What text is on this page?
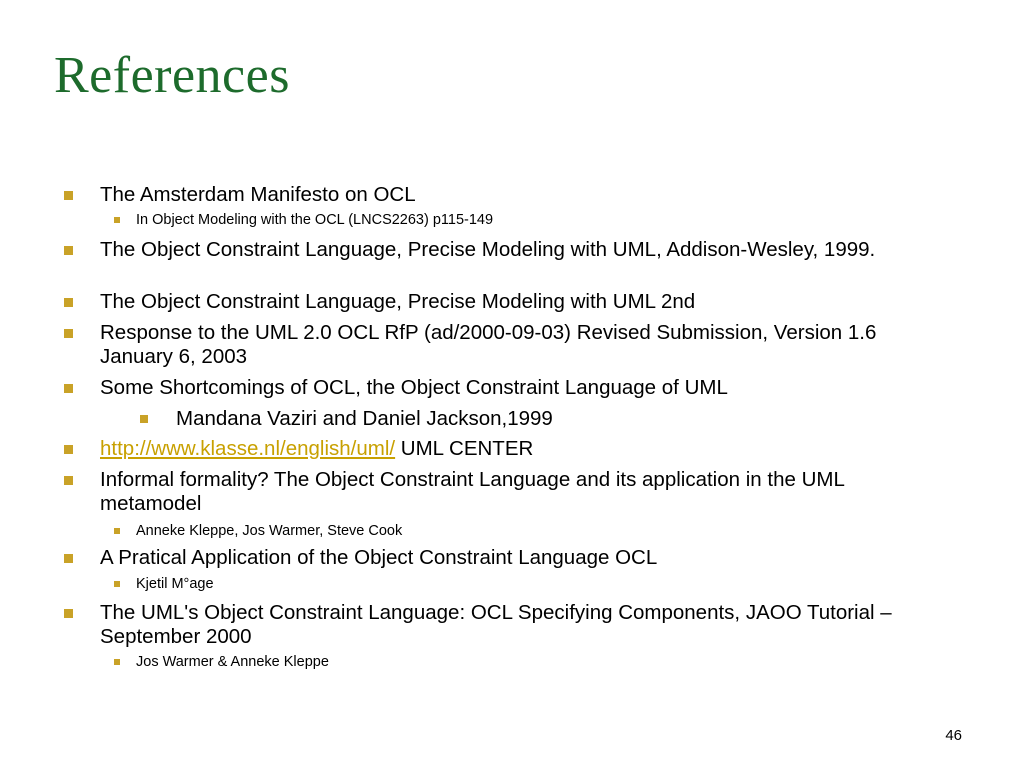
References
The Amsterdam Manifesto on OCL
In Object Modeling with the OCL (LNCS2263) p115-149
The Object Constraint Language, Precise Modeling with UML, Addison-Wesley, 1999.
The Object Constraint Language, Precise Modeling with UML 2nd
Response to the UML 2.0 OCL RfP (ad/2000-09-03) Revised Submission, Version 1.6 January 6, 2003
Some Shortcomings of OCL, the Object Constraint Language of UML
Mandana Vaziri and Daniel Jackson,1999
http://www.klasse.nl/english/uml/ UML CENTER
Informal formality? The Object Constraint Language and its application in the UML metamodel
Anneke Kleppe, Jos Warmer, Steve Cook
A Pratical Application of the Object Constraint Language OCL
Kjetil M°age
The UML's Object Constraint Language: OCL Specifying Components, JAOO Tutorial – September 2000
Jos Warmer & Anneke Kleppe
46
